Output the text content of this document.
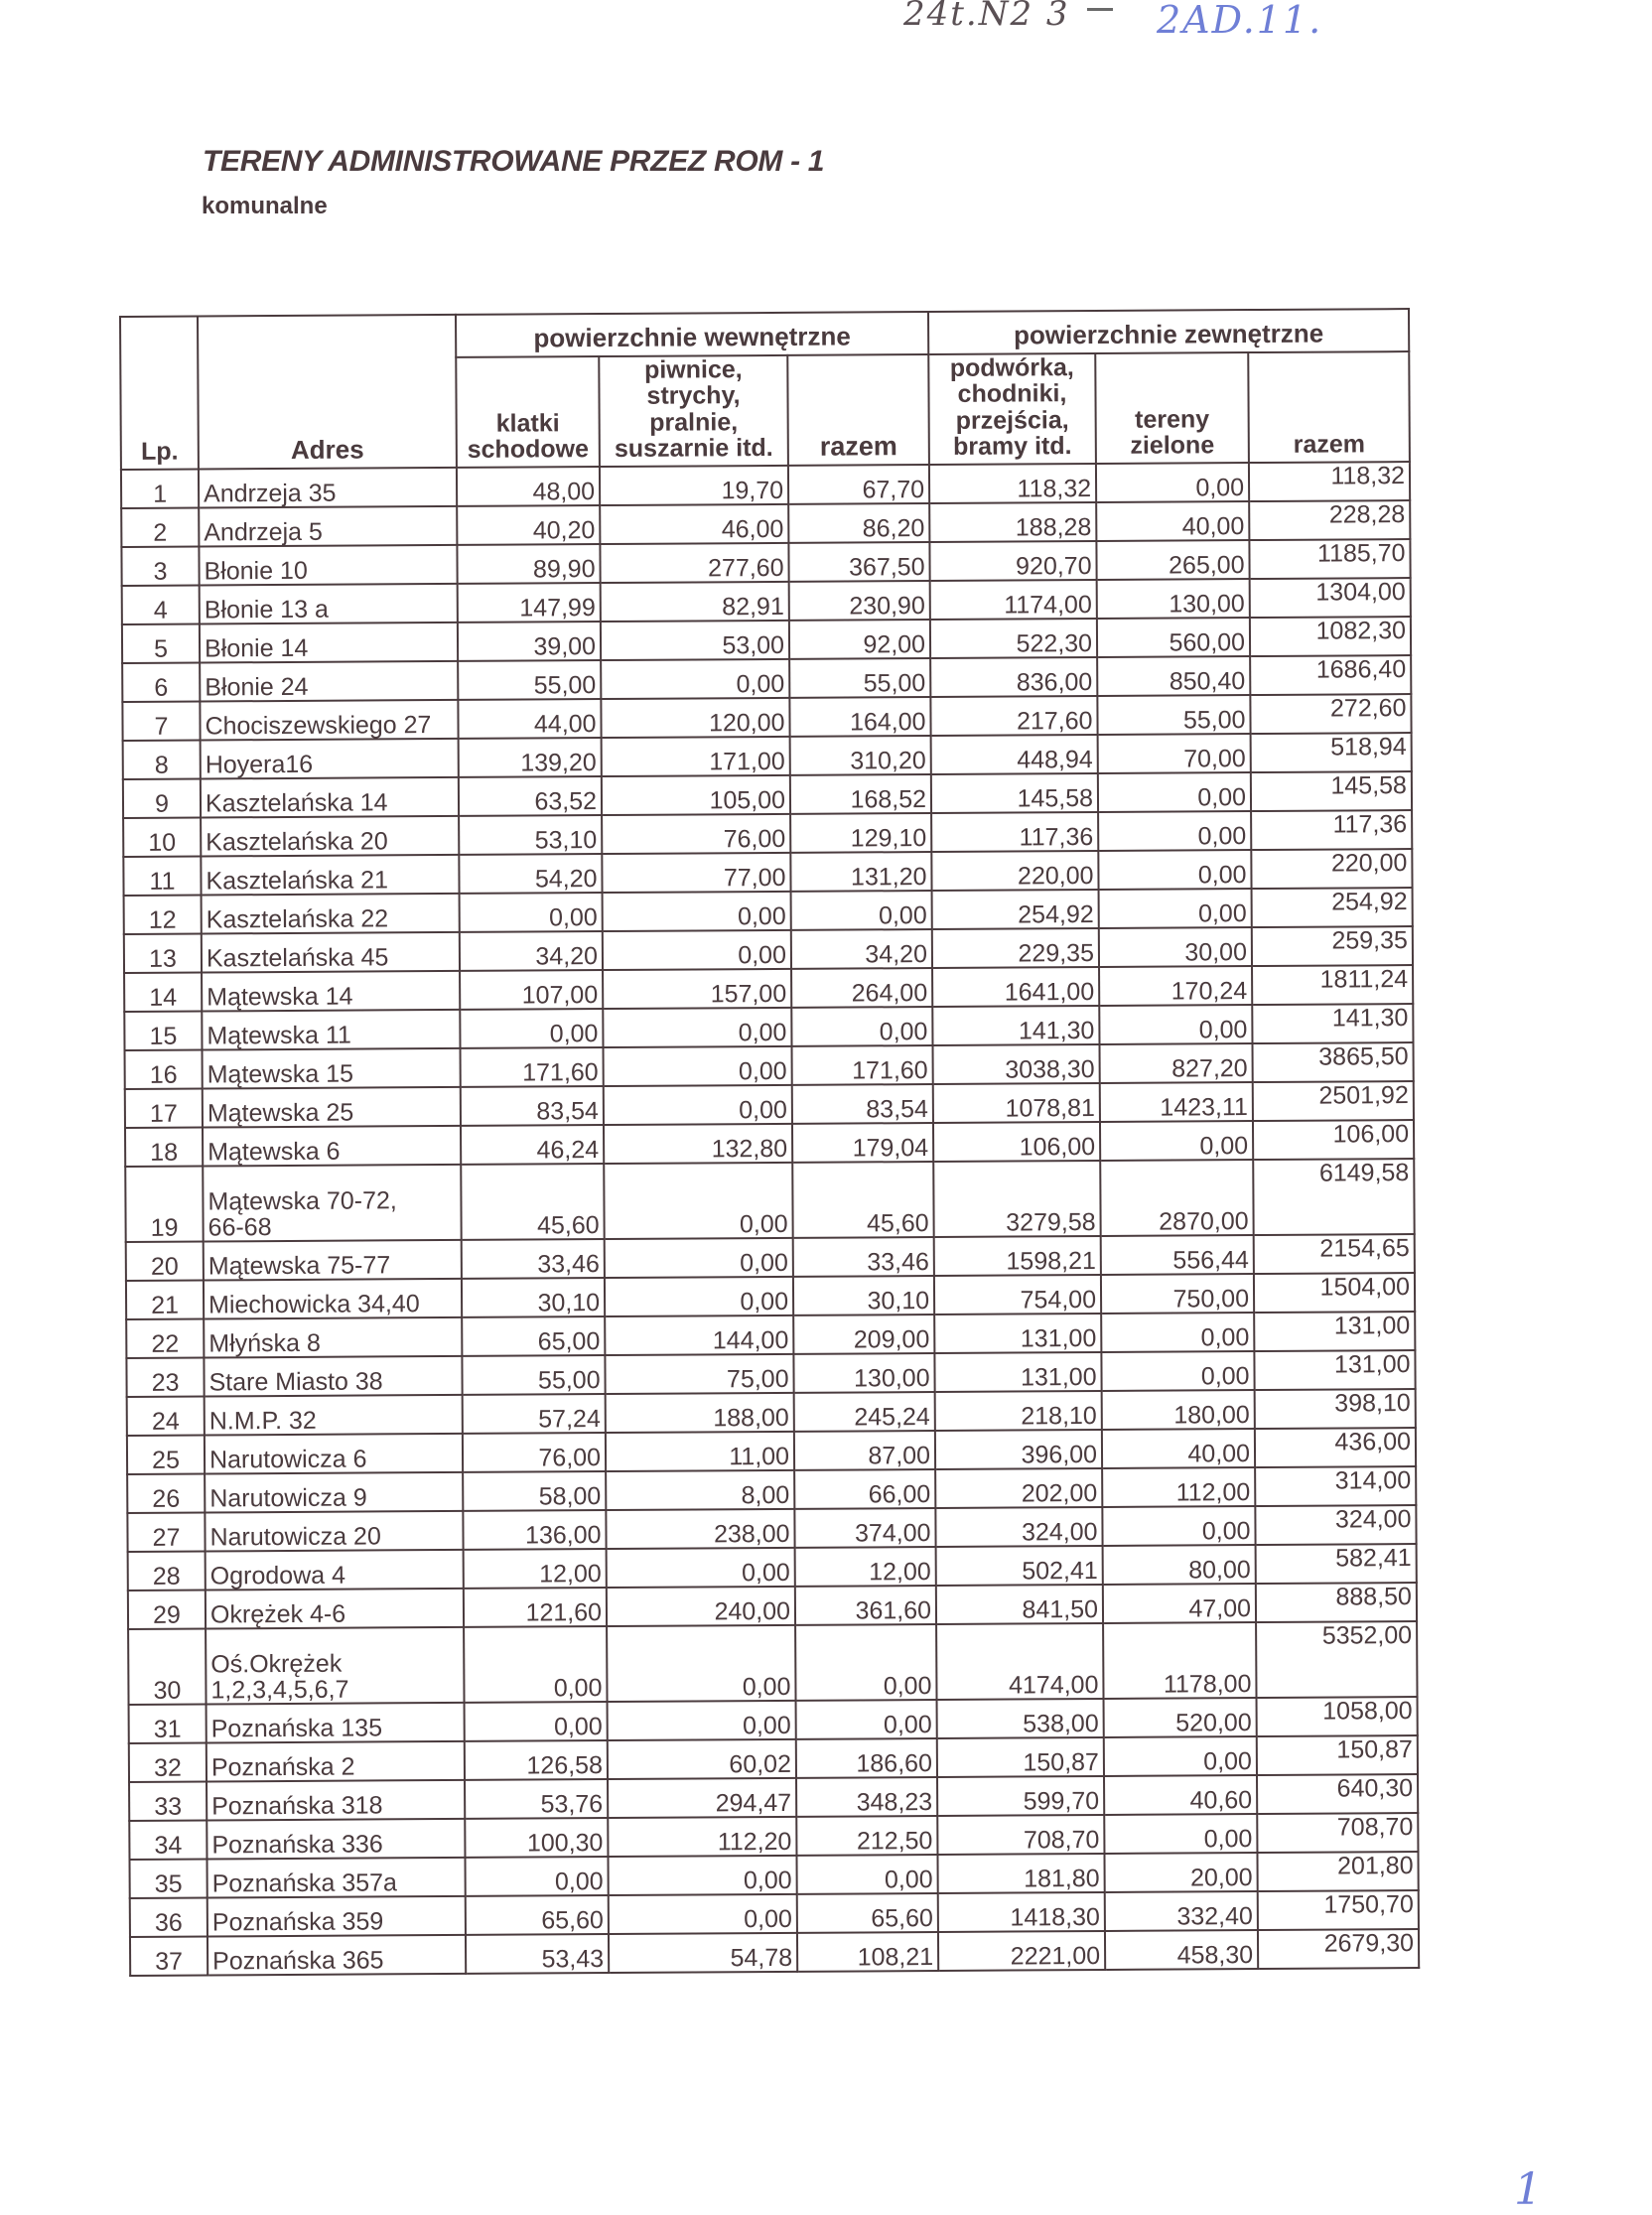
24t.N2 3 2AD.11.
TERENY ADMINISTROWANE PRZEZ ROM - 1
komunalne
Lp.	Adres	powierzchnie wewnętrzne			powierzchnie zewnętrzne		

		klatki
schodowe	piwnice,
strychy,
pralnie,
suszarnie itd.	razem	podwórka,
chodniki,
przejścia,
bramy itd.	tereny
zielone	razem
1	Andrzeja 35	48,00	19,70	67,70	118,32	0,00	118,32
2	Andrzeja 5	40,20	46,00	86,20	188,28	40,00	228,28
3	Błonie 10	89,90	277,60	367,50	920,70	265,00	1185,70
4	Błonie 13 a	147,99	82,91	230,90	1174,00	130,00	1304,00
5	Błonie 14	39,00	53,00	92,00	522,30	560,00	1082,30
6	Błonie 24	55,00	0,00	55,00	836,00	850,40	1686,40
7	Chociszewskiego 27	44,00	120,00	164,00	217,60	55,00	272,60
8	Hoyera16	139,20	171,00	310,20	448,94	70,00	518,94
9	Kasztelańska 14	63,52	105,00	168,52	145,58	0,00	145,58
10	Kasztelańska 20	53,10	76,00	129,10	117,36	0,00	117,36
11	Kasztelańska 21	54,20	77,00	131,20	220,00	0,00	220,00
12	Kasztelańska 22	0,00	0,00	0,00	254,92	0,00	254,92
13	Kasztelańska 45	34,20	0,00	34,20	229,35	30,00	259,35
14	Mątewska 14	107,00	157,00	264,00	1641,00	170,24	1811,24
15	Mątewska 11	0,00	0,00	0,00	141,30	0,00	141,30
16	Mątewska 15	171,60	0,00	171,60	3038,30	827,20	3865,50
17	Mątewska 25	83,54	0,00	83,54	1078,81	1423,11	2501,92
18	Mątewska 6	46,24	132,80	179,04	106,00	0,00	106,00
19	Mątewska 70-72,
66-68	45,60	0,00	45,60	3279,58	2870,00	6149,58
20	Mątewska 75-77	33,46	0,00	33,46	1598,21	556,44	2154,65
21	Miechowicka 34,40	30,10	0,00	30,10	754,00	750,00	1504,00
22	Młyńska 8	65,00	144,00	209,00	131,00	0,00	131,00
23	Stare Miasto 38	55,00	75,00	130,00	131,00	0,00	131,00
24	N.M.P. 32	57,24	188,00	245,24	218,10	180,00	398,10
25	Narutowicza 6	76,00	11,00	87,00	396,00	40,00	436,00
26	Narutowicza 9	58,00	8,00	66,00	202,00	112,00	314,00
27	Narutowicza 20	136,00	238,00	374,00	324,00	0,00	324,00
28	Ogrodowa 4	12,00	0,00	12,00	502,41	80,00	582,41
29	Okrężek 4-6	121,60	240,00	361,60	841,50	47,00	888,50
30	Oś.Okrężek
1,2,3,4,5,6,7	0,00	0,00	0,00	4174,00	1178,00	5352,00
31	Poznańska 135	0,00	0,00	0,00	538,00	520,00	1058,00
32	Poznańska 2	126,58	60,02	186,60	150,87	0,00	150,87
33	Poznańska 318	53,76	294,47	348,23	599,70	40,60	640,30
34	Poznańska 336	100,30	112,20	212,50	708,70	0,00	708,70
35	Poznańska 357a	0,00	0,00	0,00	181,80	20,00	201,80
36	Poznańska 359	65,60	0,00	65,60	1418,30	332,40	1750,70
37	Poznańska 365	53,43	54,78	108,21	2221,00	458,30	2679,30
1
